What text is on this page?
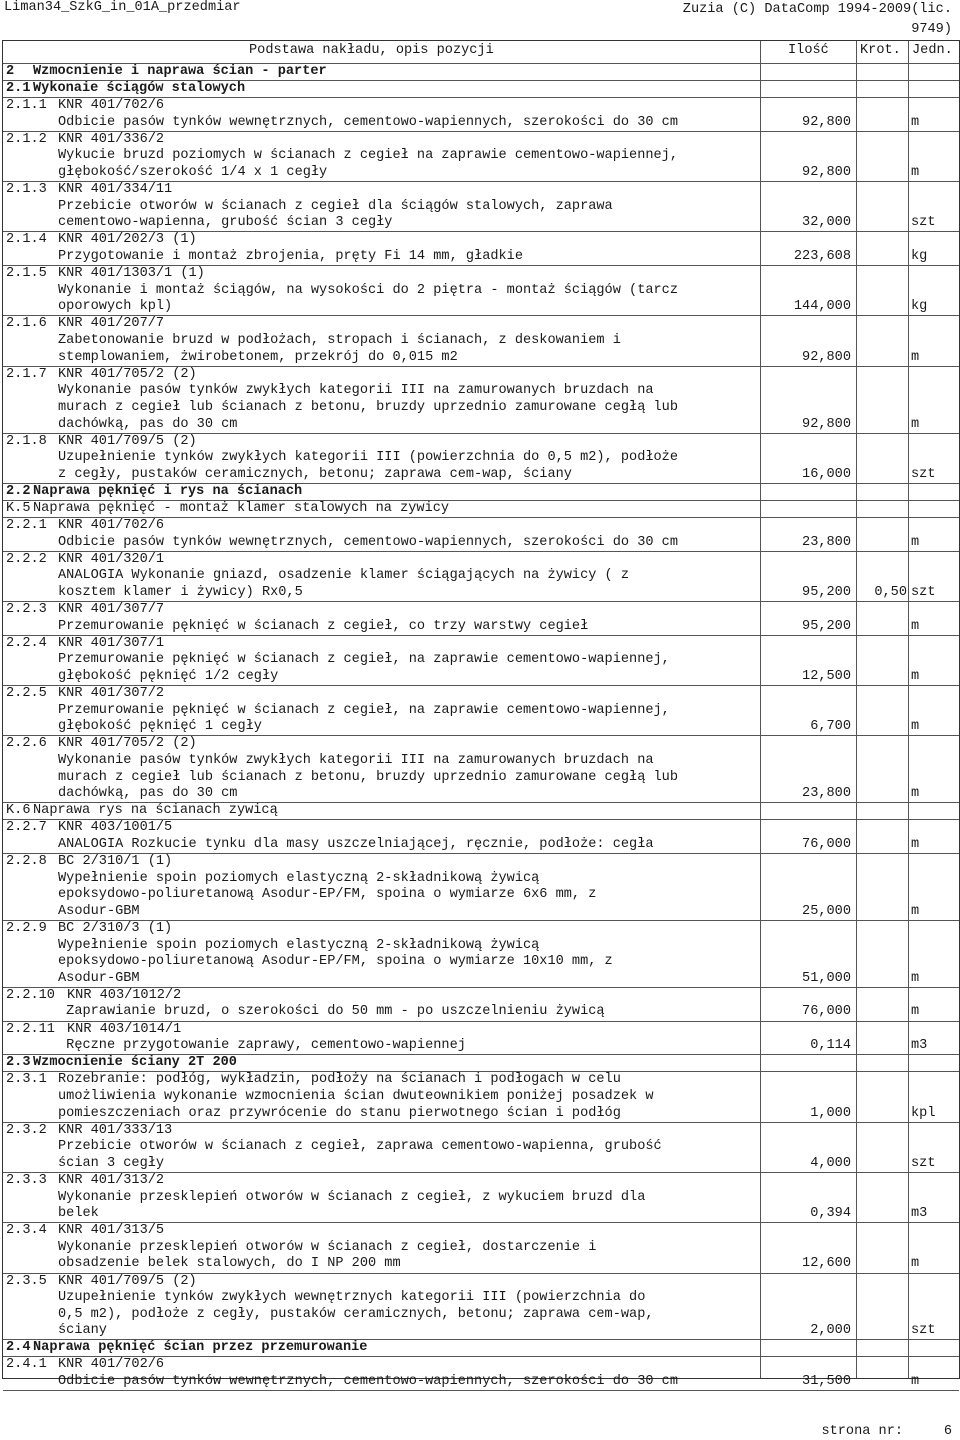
Liman34_SzkG_in_01A_przedmiar	Zuzia (C) DataComp 1994-2009(lic.
9749)
Podstawa nakładu, opis pozycji	Ilość Krot. Jedn.
2 Wzmocnienie i naprawa ścian - parter
2.1 Wykonaie ściągów stalowych
2.1.1 KNR 401/702/6
Odbicie pasów tynków wewnętrznych, cementowo-wapiennych, szerokości do 30 cm	92,800	m
2.1.2 KNR 401/336/2
Wykucie bruzd poziomych w ścianach z cegieł na zaprawie cementowo-wapiennej,
głębokość/szerokość 1/4 x 1 cegły	92,800	m
2.1.3 KNR 401/334/11
Przebicie otworów w ścianach z cegieł dla ściągów stalowych, zaprawa
cementowo-wapienna, grubość ścian 3 cegły	32,000	szt
2.1.4 KNR 401/202/3 (1)
Przygotowanie i montaż zbrojenia, pręty Fi 14 mm, gładkie	223,608	kg
2.1.5 KNR 401/1303/1 (1)
Wykonanie i montaż ściągów, na wysokości do 2 piętra - montaż ściągów (tarcz
oporowych kpl)	144,000	kg
2.1.6 KNR 401/207/7
Zabetonowanie bruzd w podłożach, stropach i ścianach, z deskowaniem i
stemplowaniem, żwirobetonem, przekrój do 0,015 m2	92,800	m
2.1.7 KNR 401/705/2 (2)
Wykonanie pasów tynków zwykłych kategorii III na zamurowanych bruzdach na
murach z cegieł lub ścianach z betonu, bruzdy uprzednio zamurowane cegłą lub
dachówką, pas do 30 cm	92,800	m
2.1.8 KNR 401/709/5 (2)
Uzupełnienie tynków zwykłych kategorii III (powierzchnia do 0,5 m2), podłoże
z cegły, pustaków ceramicznych, betonu; zaprawa cem-wap, ściany	16,000	szt
2.2 Naprawa pęknięć i rys na ścianach
K.5 Naprawa pęknięć - montaż klamer stalowych na zywicy
2.2.1 KNR 401/702/6
Odbicie pasów tynków wewnętrznych, cementowo-wapiennych, szerokości do 30 cm	23,800	m
2.2.2 KNR 401/320/1
ANALOGIA Wykonanie gniazd, osadzenie klamer ściągających na żywicy ( z
kosztem klamer i żywicy) Rx0,5	95,200	0,50 szt
2.2.3 KNR 401/307/7
Przemurowanie pęknięć w ścianach z cegieł, co trzy warstwy cegieł	95,200	m
2.2.4 KNR 401/307/1
Przemurowanie pęknięć w ścianach z cegieł, na zaprawie cementowo-wapiennej,
głębokość pęknięć 1/2 cegły	12,500	m
2.2.5 KNR 401/307/2
Przemurowanie pęknięć w ścianach z cegieł, na zaprawie cementowo-wapiennej,
głębokość pęknięć 1 cegły	6,700	m
2.2.6 KNR 401/705/2 (2)
Wykonanie pasów tynków zwykłych kategorii III na zamurowanych bruzdach na
murach z cegieł lub ścianach z betonu, bruzdy uprzednio zamurowane cegłą lub
dachówką, pas do 30 cm	23,800	m
K.6 Naprawa rys na ścianach zywicą
2.2.7 KNR 403/1001/5
ANALOGIA Rozkucie tynku dla masy uszczelniającej, ręcznie, podłoże: cegła	76,000	m
2.2.8 BC 2/310/1 (1)
Wypełnienie spoin poziomych elastyczną 2-składnikową żywicą
epoksydowo-poliuretanową Asodur-EP/FM, spoina o wymiarze 6x6 mm, z
Asodur-GBM	25,000	m
2.2.9 BC 2/310/3 (1)
Wypełnienie spoin poziomych elastyczną 2-składnikową żywicą
epoksydowo-poliuretanową Asodur-EP/FM, spoina o wymiarze 10x10 mm, z
Asodur-GBM	51,000	m
2.2.10 KNR 403/1012/2
Zaprawianie bruzd, o szerokości do 50 mm - po uszczelnieniu żywicą	76,000	m
2.2.11 KNR 403/1014/1
Ręczne przygotowanie zaprawy, cementowo-wapiennej	0,114	m3
2.3 Wzmocnienie ściany 2T 200
2.3.1 Rozebranie: podłóg, wykładzin, podłoży na ścianach i podłogach w celu
umożliwienia wykonanie wzmocnienia ścian dwuteownikiem poniżej posadzek w
pomieszczeniach oraz przywrócenie do stanu pierwotnego ścian i podłóg	1,000	kpl
2.3.2 KNR 401/333/13
Przebicie otworów w ścianach z cegieł, zaprawa cementowo-wapienna, grubość
ścian 3 cegły	4,000	szt
2.3.3 KNR 401/313/2
Wykonanie przesklepień otworów w ścianach z cegieł, z wykuciem bruzd dla
belek	0,394	m3
2.3.4 KNR 401/313/5
Wykonanie przesklepień otworów w ścianach z cegieł, dostarczenie i
obsadzenie belek stalowych, do I NP 200 mm	12,600	m
2.3.5 KNR 401/709/5 (2)
Uzupełnienie tynków zwykłych wewnętrznych kategorii III (powierzchnia do
0,5 m2), podłoże z cegły, pustaków ceramicznych, betonu; zaprawa cem-wap,
ściany	2,000	szt
2.4 Naprawa pęknięć ścian przez przemurowanie
2.4.1 KNR 401/702/6
Odbicie pasów tynków wewnętrznych, cementowo-wapiennych, szerokości do 30 cm	31,500	m
strona nr:	6
